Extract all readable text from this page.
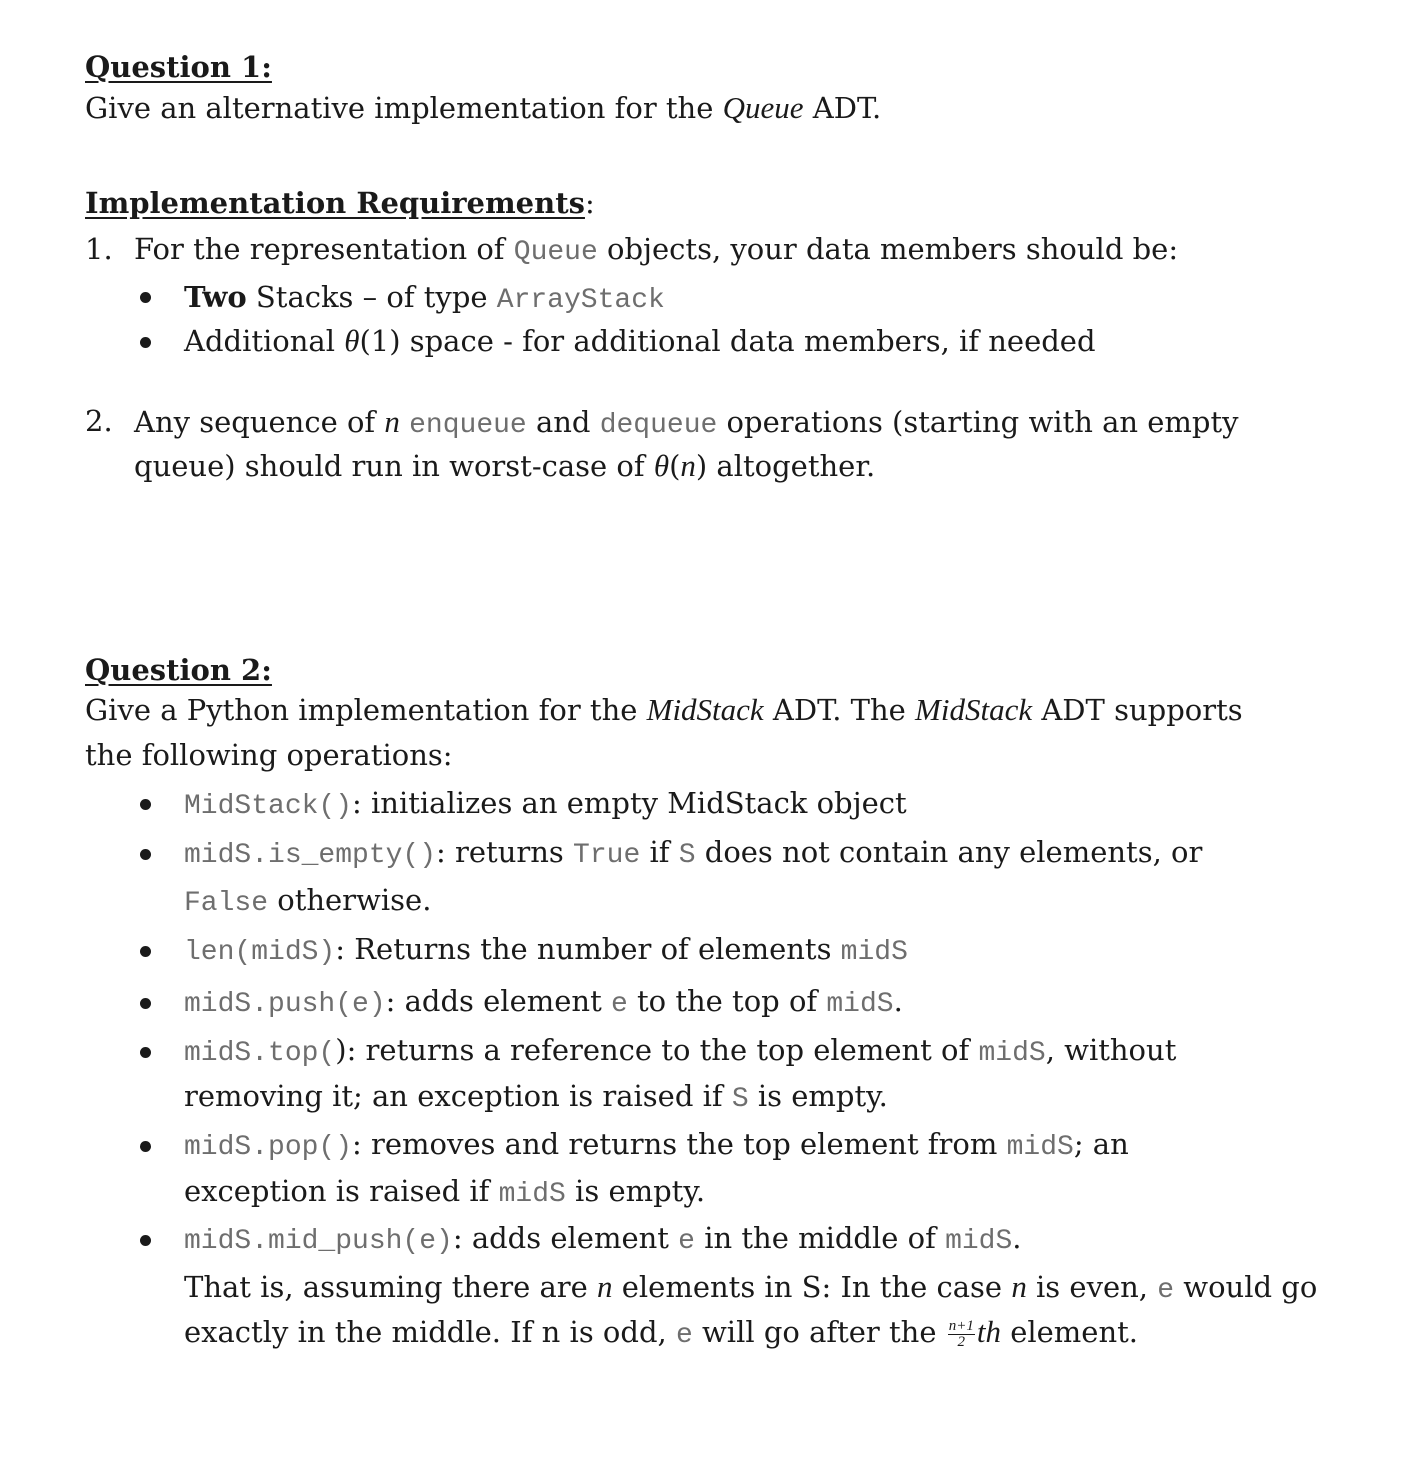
Question 1:
Give an alternative implementation for the Queue ADT.
Implementation Requirements:
1. For the representation of Queue objects, your data members should be:
Two Stacks – of type ArrayStack
Additional θ(1) space - for additional data members, if needed
2. Any sequence of n enqueue and dequeue operations (starting with an empty
queue) should run in worst-case of θ(n) altogether.
Question 2:
Give a Python implementation for the MidStack ADT. The MidStack ADT supports
the following operations:
MidStack(): initializes an empty MidStack object
midS.is_empty(): returns True if S does not contain any elements, or
False otherwise.
len(midS): Returns the number of elements midS
midS.push(e): adds element e to the top of midS.
midS.top(): returns a reference to the top element of midS, without
removing it; an exception is raised if S is empty.
midS.pop(): removes and returns the top element from midS; an
exception is raised if midS is empty.
midS.mid_push(e): adds element e in the middle of midS.
That is, assuming there are n elements in S: In the case n is even, e would go
exactly in the middle. If n is odd, e will go after the $\frac{n+1}{2}$ th element.
